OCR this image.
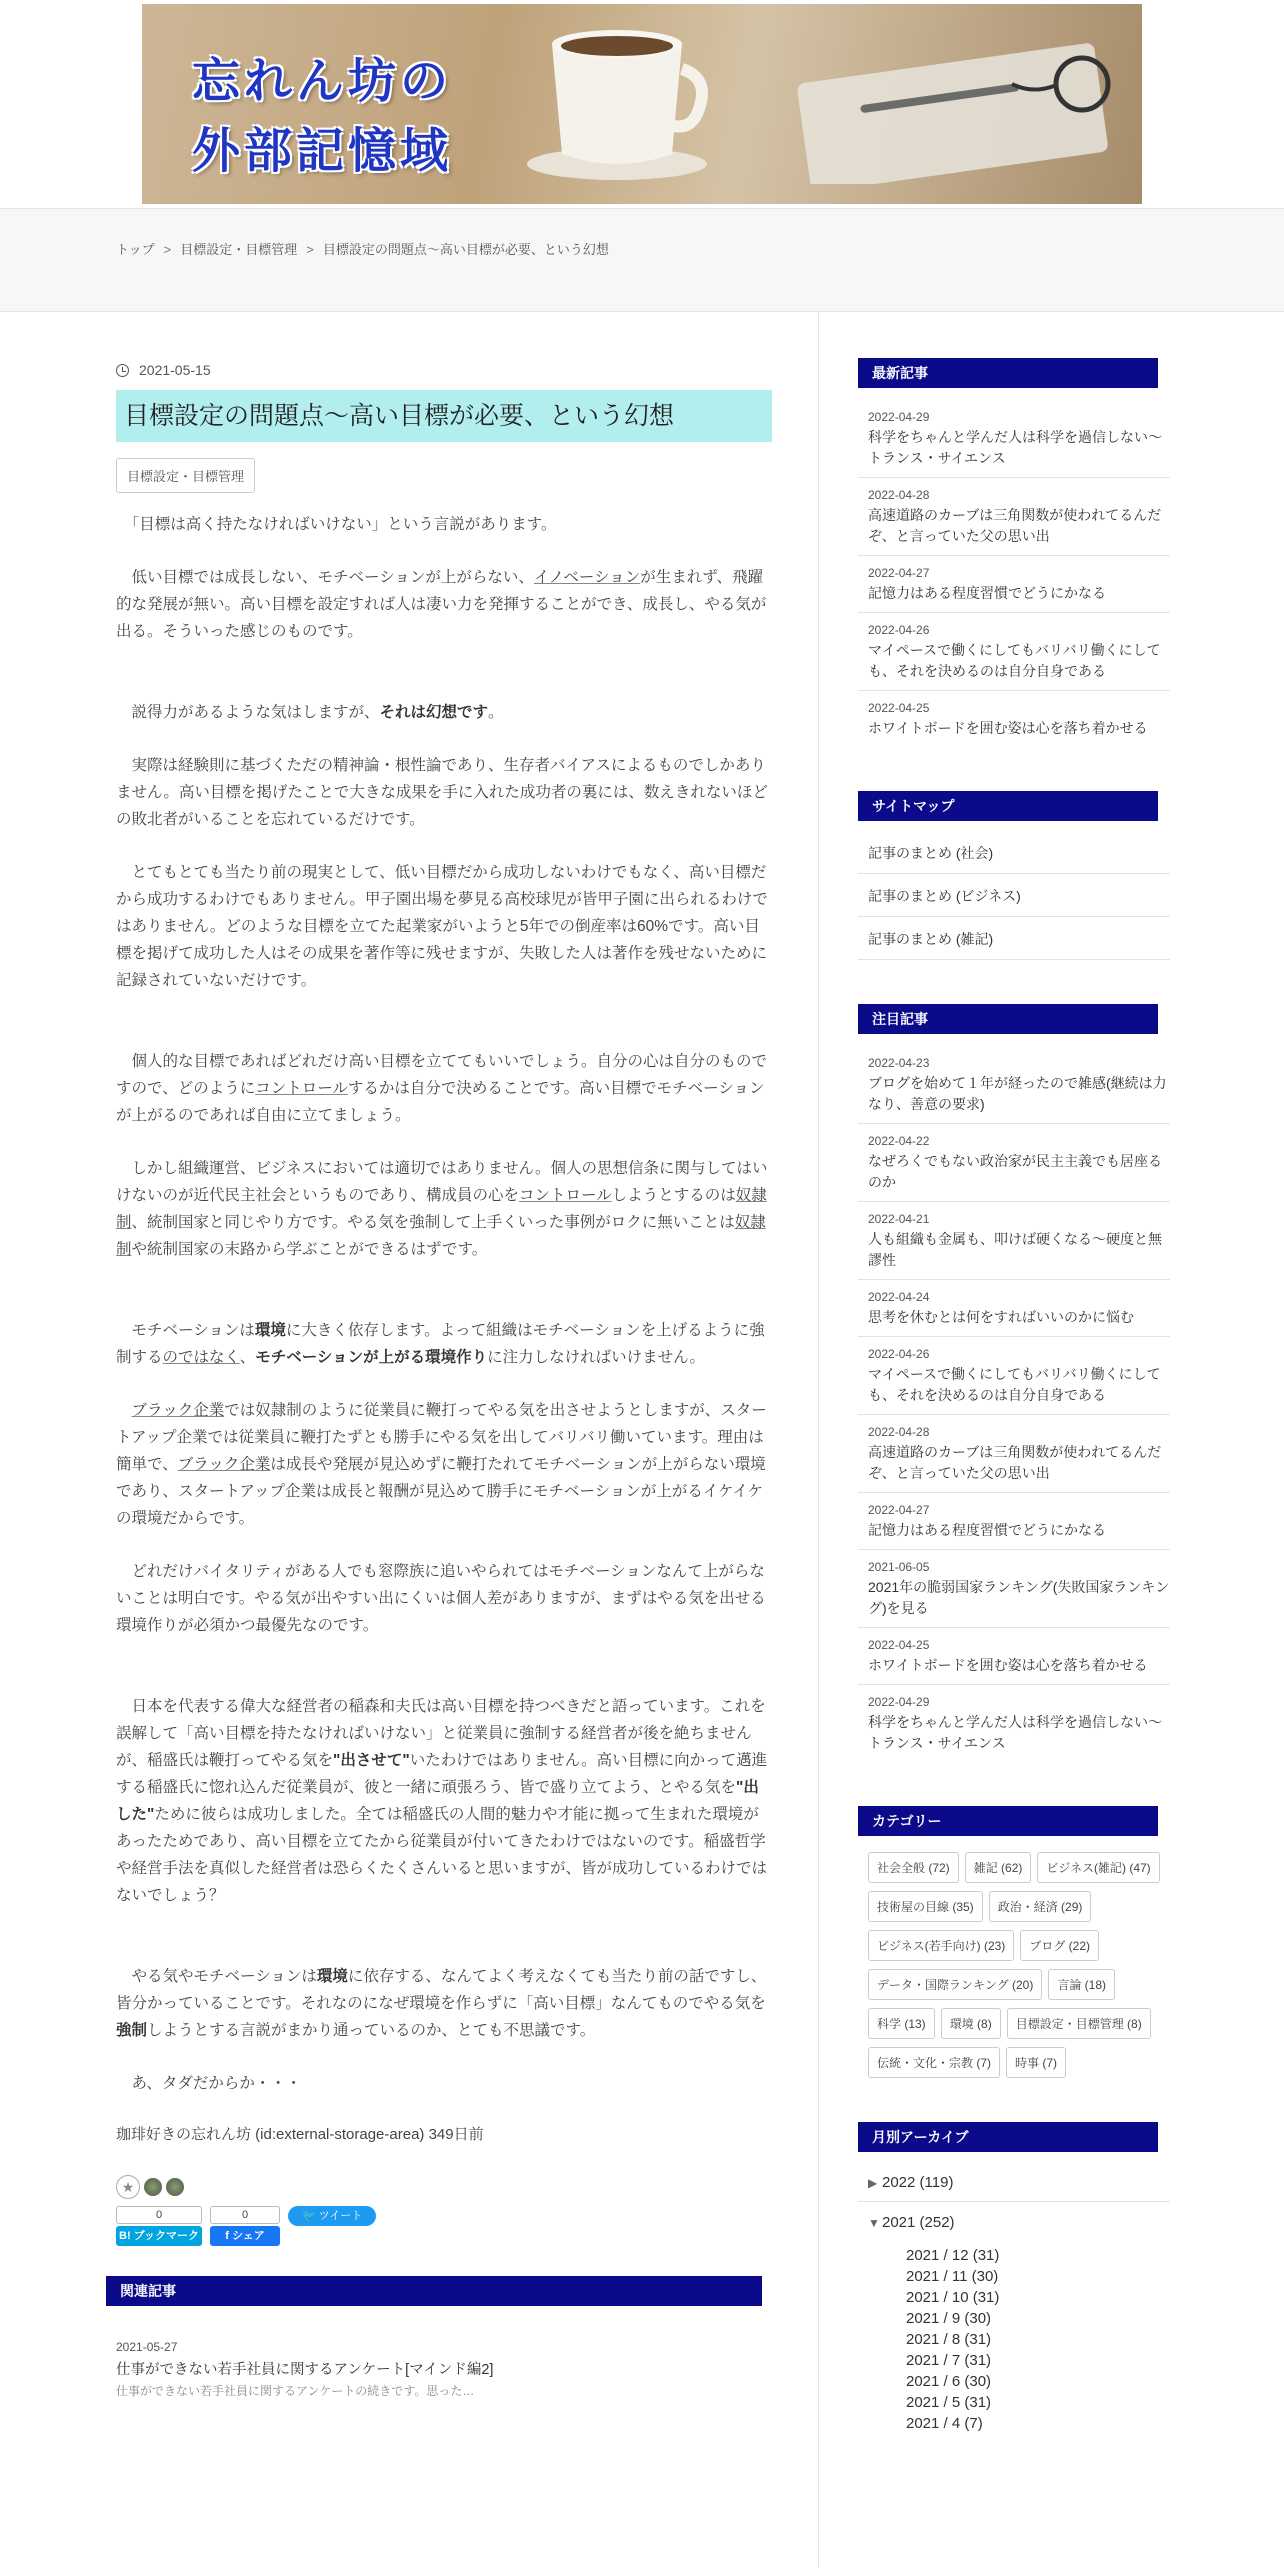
忘れん坊の
外部記憶域
トップ > 目標設定・目標管理 > 目標設定の問題点～高い目標が必要、という幻想
2021-05-15
目標設定の問題点～高い目標が必要、という幻想
目標設定・目標管理

　「目標は高く持たなければいけない」という言説があります。

　低い目標では成長しない、モチベーションが上がらない、イノベーションが生まれず、飛躍的な発展が無い。高い目標を設定すれば人は凄い力を発揮することができ、成長し、やる気が出る。そういった感じのものです。

　説得力があるような気はしますが、それは幻想です。

　実際は経験則に基づくただの精神論・根性論であり、生存者バイアスによるものでしかありません。高い目標を掲げたことで大きな成果を手に入れた成功者の裏には、数えきれないほどの敗北者がいることを忘れているだけです。

　とてもとても当たり前の現実として、低い目標だから成功しないわけでもなく、高い目標だから成功するわけでもありません。甲子園出場を夢見る高校球児が皆甲子園に出られるわけではありません。どのような目標を立てた起業家がいようと5年での倒産率は60%です。高い目標を掲げて成功した人はその成果を著作等に残せますが、失敗した人は著作を残せないために記録されていないだけです。

　個人的な目標であればどれだけ高い目標を立ててもいいでしょう。自分の心は自分のものですので、どのようにコントロールするかは自分で決めることです。高い目標でモチベーションが上がるのであれば自由に立てましょう。

　しかし組織運営、ビジネスにおいては適切ではありません。個人の思想信条に関与してはいけないのが近代民主社会というものであり、構成員の心をコントロールしようとするのは奴隷制、統制国家と同じやり方です。やる気を強制して上手くいった事例がロクに無いことは奴隷制や統制国家の末路から学ぶことができるはずです。

　モチベーションは環境に大きく依存します。よって組織はモチベーションを上げるように強制するのではなく、モチベーションが上がる環境作りに注力しなければいけません。

　ブラック企業では奴隷制のように従業員に鞭打ってやる気を出させようとしますが、スタートアップ企業では従業員に鞭打たずとも勝手にやる気を出してバリバリ働いています。理由は簡単で、ブラック企業は成長や発展が見込めずに鞭打たれてモチベーションが上がらない環境であり、スタートアップ企業は成長と報酬が見込めて勝手にモチベーションが上がるイケイケの環境だからです。

　どれだけバイタリティがある人でも窓際族に追いやられてはモチベーションなんて上がらないことは明白です。やる気が出やすい出にくいは個人差がありますが、まずはやる気を出せる環境作りが必須かつ最優先なのです。

　日本を代表する偉大な経営者の稲森和夫氏は高い目標を持つべきだと語っています。これを誤解して「高い目標を持たなければいけない」と従業員に強制する経営者が後を絶ちませんが、稲盛氏は鞭打ってやる気を"出させて"いたわけではありません。高い目標に向かって邁進する稲盛氏に惚れ込んだ従業員が、彼と一緒に頑張ろう、皆で盛り立てよう、とやる気を"出した"ために彼らは成功しました。全ては稲盛氏の人間的魅力や才能に拠って生まれた環境があったためであり、高い目標を立てたから従業員が付いてきたわけではないのです。稲盛哲学や経営手法を真似した経営者は恐らくたくさんいると思いますが、皆が成功しているわけではないでしょう？

　やる気やモチベーションは環境に依存する、なんてよく考えなくても当たり前の話ですし、皆分かっていることです。それなのになぜ環境を作らずに「高い目標」なんてものでやる気を強制しようとする言説がまかり通っているのか、とても不思議です。

　あ、タダだからか・・・

珈琲好きの忘れん坊 (id:external-storage-area) 349日前
★
0
B! ブックマーク
0
f シェア
🐦 ツイート
関連記事
2021-05-27
仕事ができない若手社員に関するアンケート[マインド編2]
仕事ができない若手社員に関するアンケートの続きです。思った…
最新記事
2022-04-29
科学をちゃんと学んだ人は科学を過信しない～トランス・サイエンス
2022-04-28
高速道路のカーブは三角関数が使われてるんだぞ、と言っていた父の思い出
2022-04-27
記憶力はある程度習慣でどうにかなる
2022-04-26
マイペースで働くにしてもバリバリ働くにしても、それを決めるのは自分自身である
2022-04-25
ホワイトボードを囲む姿は心を落ち着かせる
サイトマップ
記事のまとめ (社会)
記事のまとめ (ビジネス)
記事のまとめ (雑記)
注目記事
2022-04-23
ブログを始めて１年が経ったので雑感(継続は力なり、善意の要求)
2022-04-22
なぜろくでもない政治家が民主主義でも居座るのか
2022-04-21
人も組織も金属も、叩けば硬くなる～硬度と無謬性
2022-04-24
思考を休むとは何をすればいいのかに悩む
2022-04-26
マイペースで働くにしてもバリバリ働くにしても、それを決めるのは自分自身である
2022-04-28
高速道路のカーブは三角関数が使われてるんだぞ、と言っていた父の思い出
2022-04-27
記憶力はある程度習慣でどうにかなる
2021-06-05
2021年の脆弱国家ランキング(失敗国家ランキング)を見る
2022-04-25
ホワイトボードを囲む姿は心を落ち着かせる
2022-04-29
科学をちゃんと学んだ人は科学を過信しない～トランス・サイエンス
カテゴリー
社会全般 (72)	雑記 (62)	ビジネス(雑記) (47)
技術屋の目線 (35)	政治・経済 (29)
ビジネス(若手向け) (23)	ブログ (22)
データ・国際ランキング (20)	言論 (18)
科学 (13)	環境 (8)	目標設定・目標管理 (8)
伝統・文化・宗教 (7)	時事 (7)
月別アーカイブ
▶ 2022 (119)
▼ 2021 (252)
2021 / 12 (31)
2021 / 11 (30)
2021 / 10 (31)
2021 / 9 (30)
2021 / 8 (31)
2021 / 7 (31)
2021 / 6 (30)
2021 / 5 (31)
2021 / 4 (7)
